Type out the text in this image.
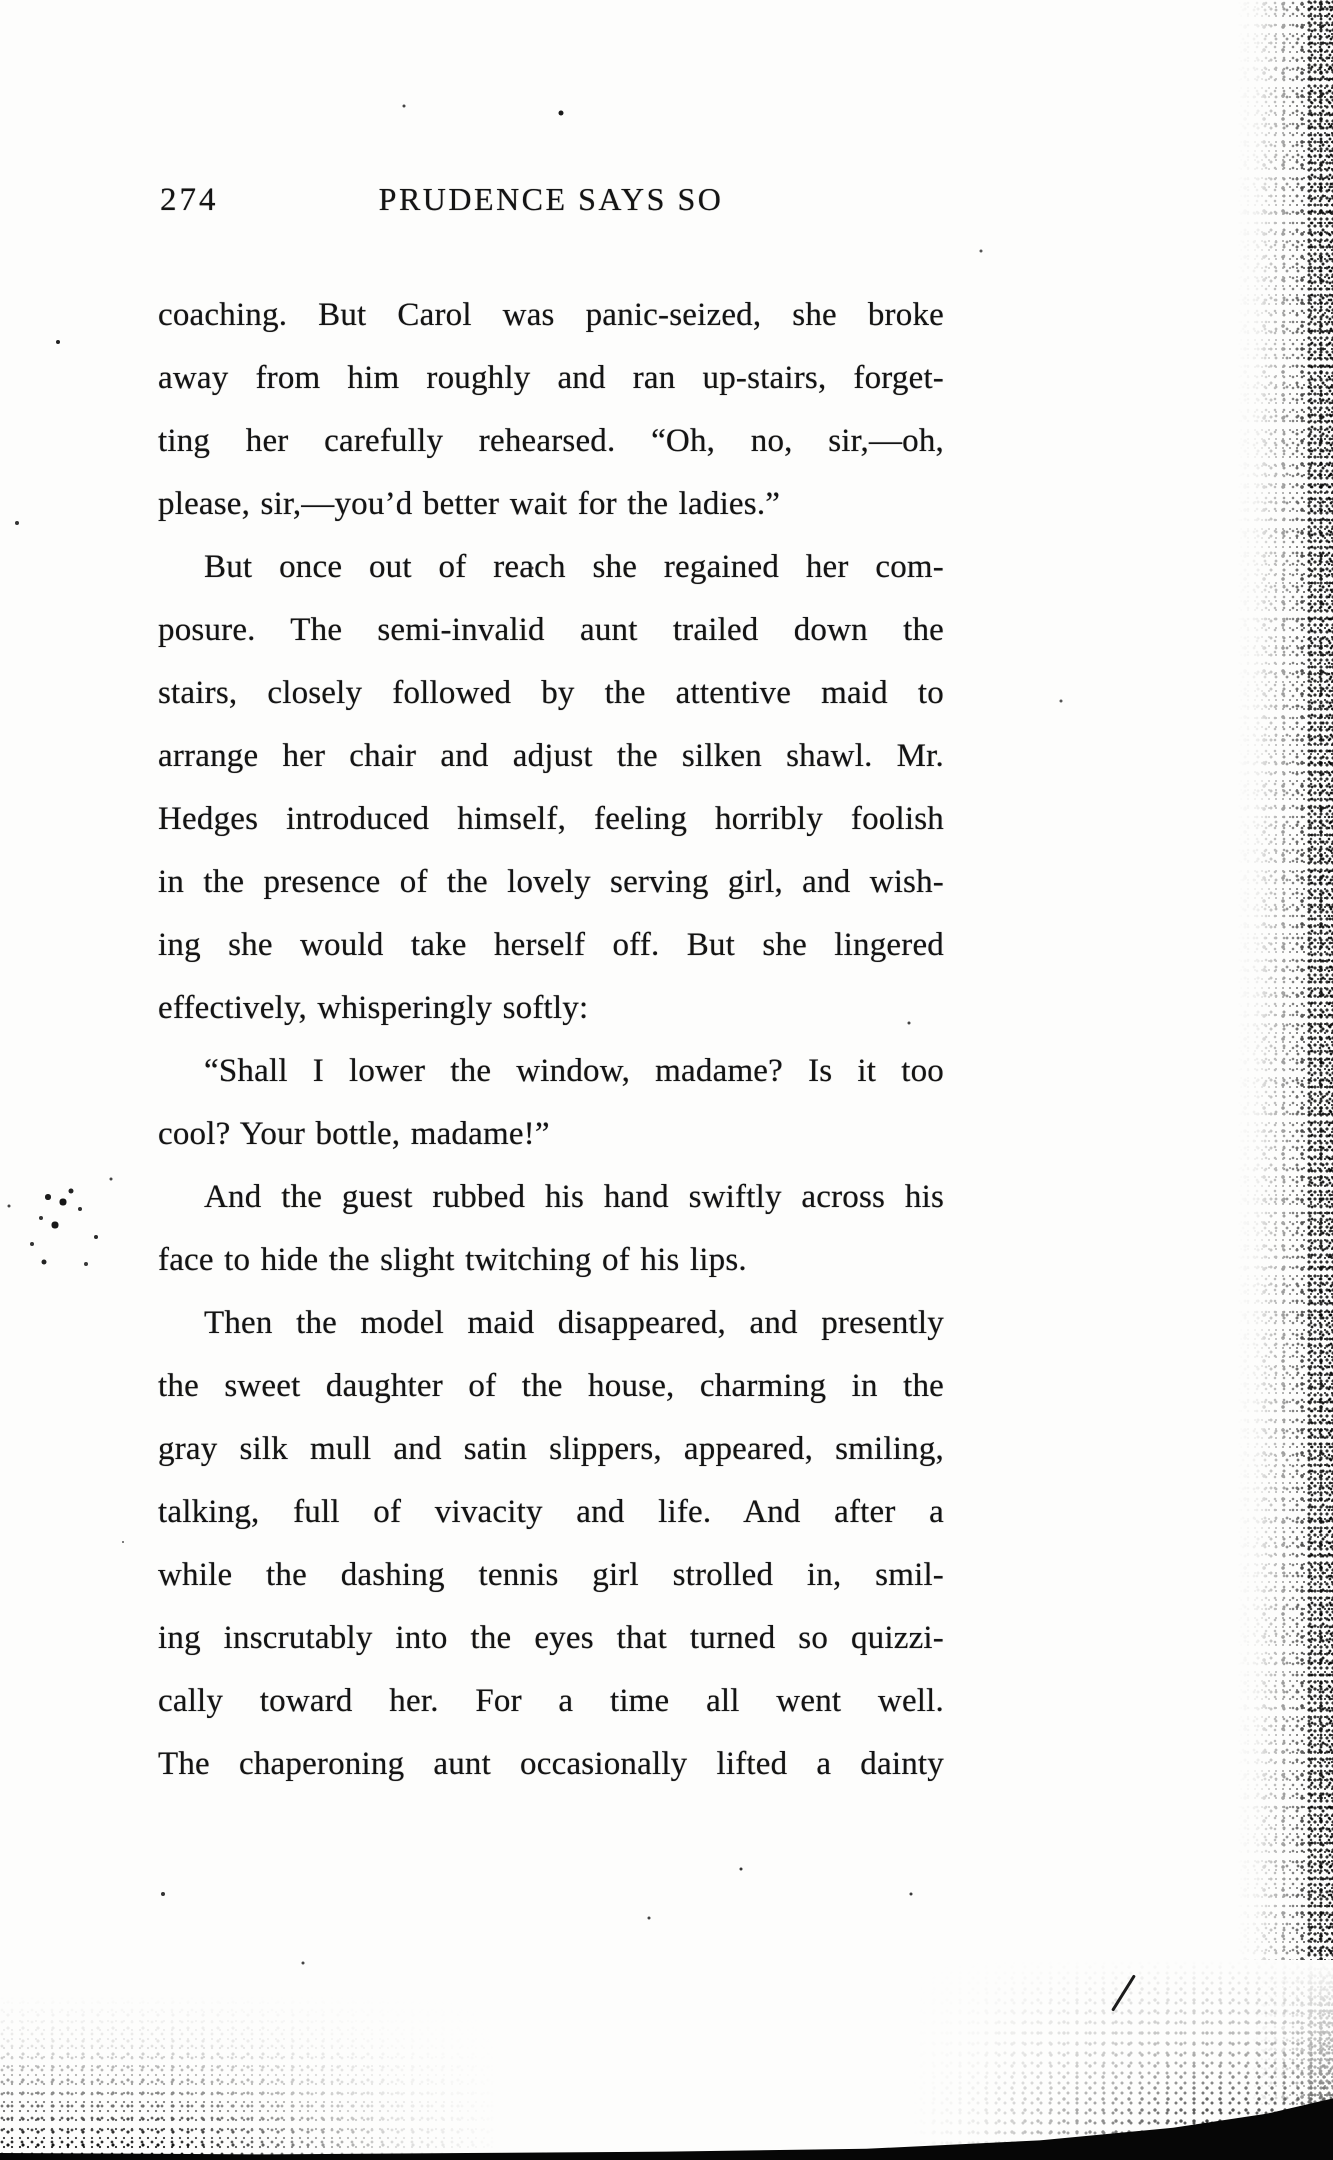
274	PRUDENCE SAYS SO
coaching. But Carol was panic-seized, she broke
away from him roughly and ran up-stairs, forget-
ting her carefully rehearsed. “Oh, no, sir,—oh,
please, sir,—you’d better wait for the ladies.”
But once out of reach she regained her com-
posure. The semi-invalid aunt trailed down the
stairs, closely followed by the attentive maid to
arrange her chair and adjust the silken shawl. Mr.
Hedges introduced himself, feeling horribly foolish
in the presence of the lovely serving girl, and wish-
ing she would take herself off. But she lingered
effectively, whisperingly softly:
“Shall I lower the window, madame? Is it too
cool? Your bottle, madame!”
And the guest rubbed his hand swiftly across his
face to hide the slight twitching of his lips.
Then the model maid disappeared, and presently
the sweet daughter of the house, charming in the
gray silk mull and satin slippers, appeared, smiling,
talking, full of vivacity and life. And after a
while the dashing tennis girl strolled in, smil-
ing inscrutably into the eyes that turned so quizzi-
cally toward her. For a time all went well.
The chaperoning aunt occasionally lifted a dainty
